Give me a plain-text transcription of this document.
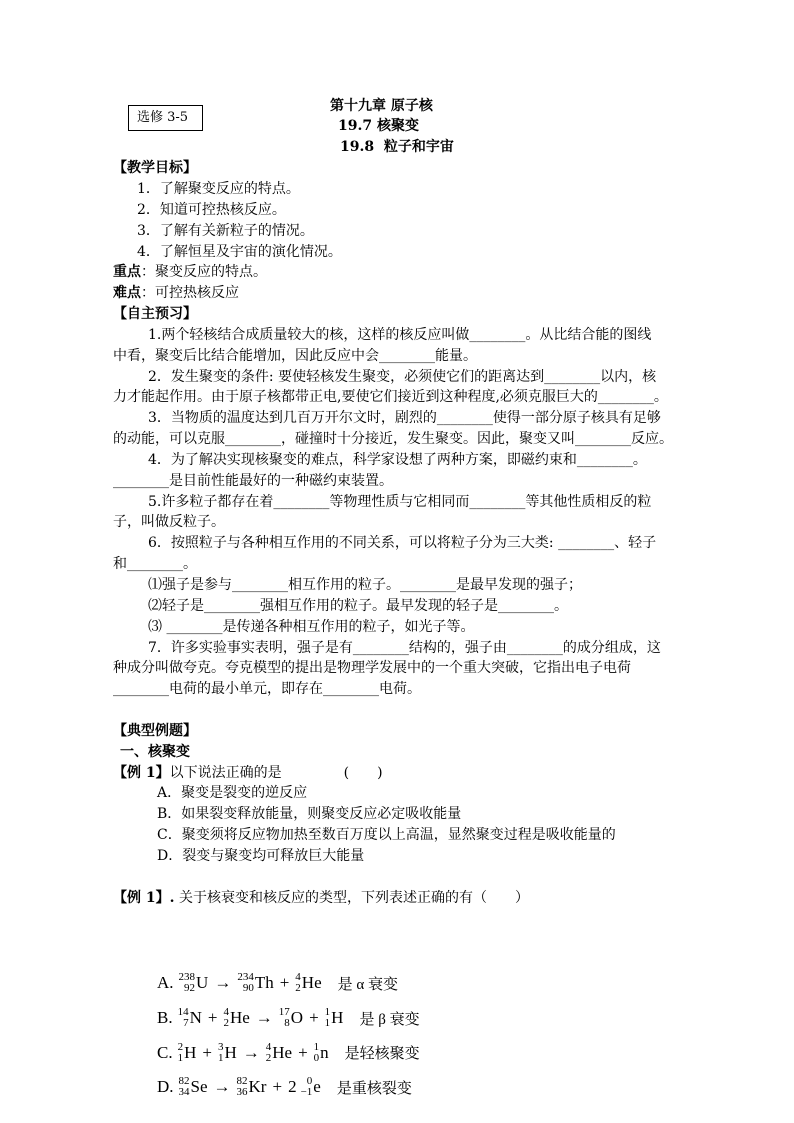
选修 3-5
第十九章 原子核
19.7 核聚变
19.8  粒子和宇宙
【教学目标】
1．了解聚变反应的特点。
2．知道可控热核反应。
3．了解有关新粒子的情况。
4．了解恒星及宇宙的演化情况。
重点：聚变反应的特点。
难点：可控热核反应
【自主预习】
1.两个轻核结合成质量较大的核，这样的核反应叫做________。从比结合能的图线
中看，聚变后比结合能增加，因此反应中会________能量。
2．发生聚变的条件: 要使轻核发生聚变，必须使它们的距离达到________以内，核
力才能起作用。由于原子核都带正电,要使它们接近到这种程度,必须克服巨大的________。
3．当物质的温度达到几百万开尔文时，剧烈的________使得一部分原子核具有足够
的动能，可以克服________，碰撞时十分接近，发生聚变。因此，聚变又叫________反应。
4．为了解决实现核聚变的难点，科学家设想了两种方案，即磁约束和________。
________是目前性能最好的一种磁约束装置。
5.许多粒子都存在着________等物理性质与它相同而________等其他性质相反的粒
子，叫做反粒子。
6．按照粒子与各种相互作用的不同关系，可以将粒子分为三大类: ________、轻子
和________。
⑴强子是参与________相互作用的粒子。________是最早发现的强子；
⑵轻子是________强相互作用的粒子。最早发现的轻子是________。
⑶ ________是传递各种相互作用的粒子，如光子等。
7．许多实验事实表明，强子是有________结构的，强子由________的成分组成，这
种成分叫做夸克。夸克模型的提出是物理学发展中的一个重大突破，它指出电子电荷
________电荷的最小单元，即存在________电荷。
【典型例题】
一、核聚变
【例 1】以下说法正确的是	(　　)
A．聚变是裂变的逆反应
B．如果裂变释放能量，则聚变反应必定吸收能量
C．聚变须将反应物加热至数百万度以上高温，显然聚变过程是吸收能量的
D．裂变与聚变均可释放巨大能量
【例 1】. 关于核衰变和核反应的类型，下列表述正确的有（　　）
A. 238
92 U → 234
90 Th + 4
2 He 是 α 衰变
B. 14
7 N + 4
2 He → 17
8 O + 1
1 H 是 β 衰变
C. 2
1 H + 3
1 H → 4
2 He + 1
0 n 是轻核聚变
D. 82
34 Se → 82
36 Kr + 2 0
−1 e 是重核裂变
